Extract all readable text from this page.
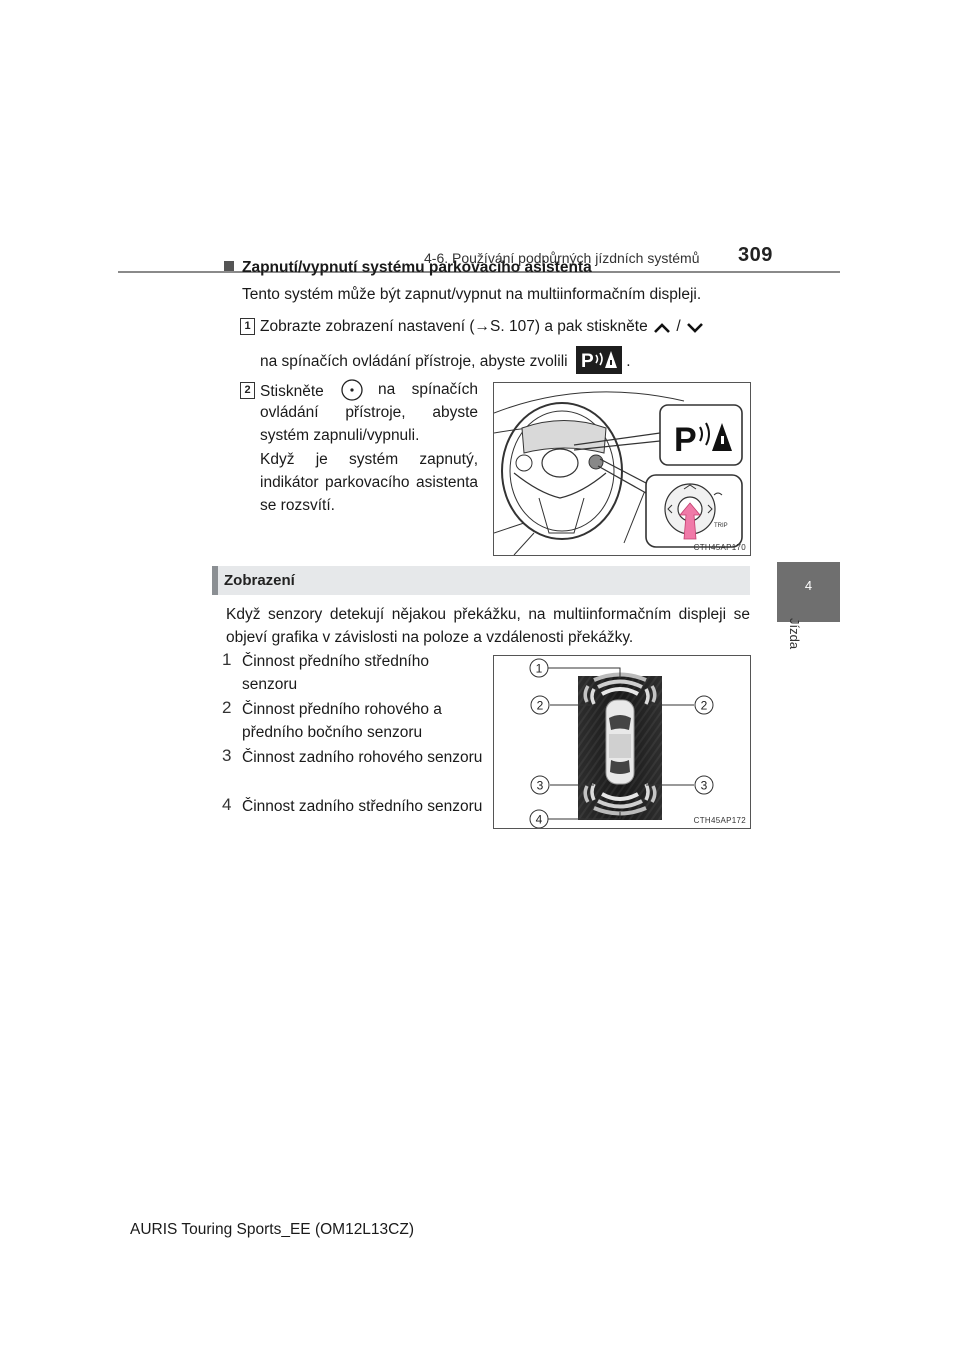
4-6. Používání podpůrných jízdních systémů 309
4
Jízda
Zapnutí/vypnutí systému parkovacího asistenta
Tento systém může být zapnut/vypnut na multiinformačním displeji.
1 Zobrazte zobrazení nastavení (→S. 107) a pak stiskněte /
na spínačích ovládání přístroje, abyste zvolili P .
2 Stiskněte	na spínačích ovládání přístroje, abyste systém zapnuli/vypnuli.
Když je systém zapnutý, indikátor parkovacího asistenta se rozsvítí.
P
TRIP
CTH45AP170
Zobrazení
Když senzory detekují nějakou překážku, na multiinformačním displeji se objeví grafika v závislosti na poloze a vzdálenosti překážky.
1 Činnost předního středního senzoru
2 Činnost předního rohového a předního bočního senzoru
3 Činnost zadního rohového senzoru
4 Činnost zadního středního senzoru
1
2	2
3	3
4	CTH45AP172
AURIS Touring Sports_EE (OM12L13CZ)
